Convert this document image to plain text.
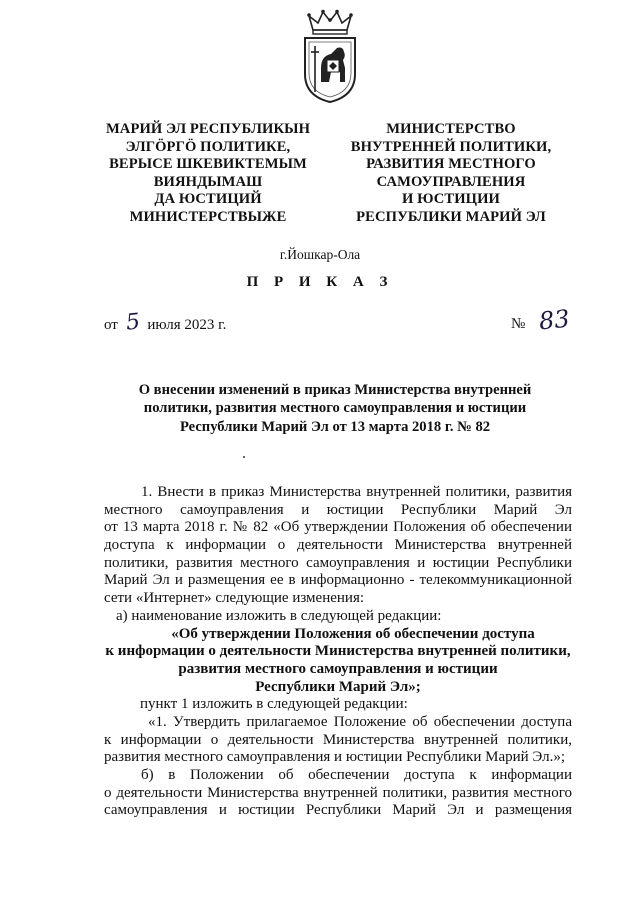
МАРИЙ ЭЛ РЕСПУБЛИКЫН
ЭЛГӦРГӦ ПОЛИТИКЕ,
ВЕРЫСЕ ШКЕВИКТЕМЫМ
ВИЯНДЫМАШ
ДА ЮСТИЦИЙ
МИНИСТЕРСТВЫЖЕ
МИНИСТЕРСТВО
ВНУТРЕННЕЙ ПОЛИТИКИ,
РАЗВИТИЯ МЕСТНОГО
САМОУПРАВЛЕНИЯ
И ЮСТИЦИИ
РЕСПУБЛИКИ МАРИЙ ЭЛ
г.Йошкар-Ола
П Р И К А З
от 5 июля 2023 г.	№ 83
О внесении изменений в приказ Министерства внутренней
политики, развития местного самоуправления и юстиции
Республики Марий Эл от 13 марта 2018 г. № 82
1. Внести в приказ Министерства внутренней политики, развития
местного самоуправления и юстиции Республики Марий Эл
от 13 марта 2018 г. № 82 «Об утверждении Положения об обеспечении
доступа к информации о деятельности Министерства внутренней
политики, развития местного самоуправления и юстиции Республики
Марий Эл и размещения ее в информационно - телекоммуникационной
сети «Интернет» следующие изменения:
а) наименование изложить в следующей редакции:
«Об утверждении Положения об обеспечении доступа
к информации о деятельности Министерства внутренней политики,
развития местного самоуправления и юстиции
Республики Марий Эл»;
пункт 1 изложить в следующей редакции:
«1. Утвердить прилагаемое Положение об обеспечении доступа
к информации о деятельности Министерства внутренней политики,
развития местного самоуправления и юстиции Республики Марий Эл.»;
б) в Положении об обеспечении доступа к информации
о деятельности Министерства внутренней политики, развития местного
самоуправления и юстиции Республики Марий Эл и размещения
